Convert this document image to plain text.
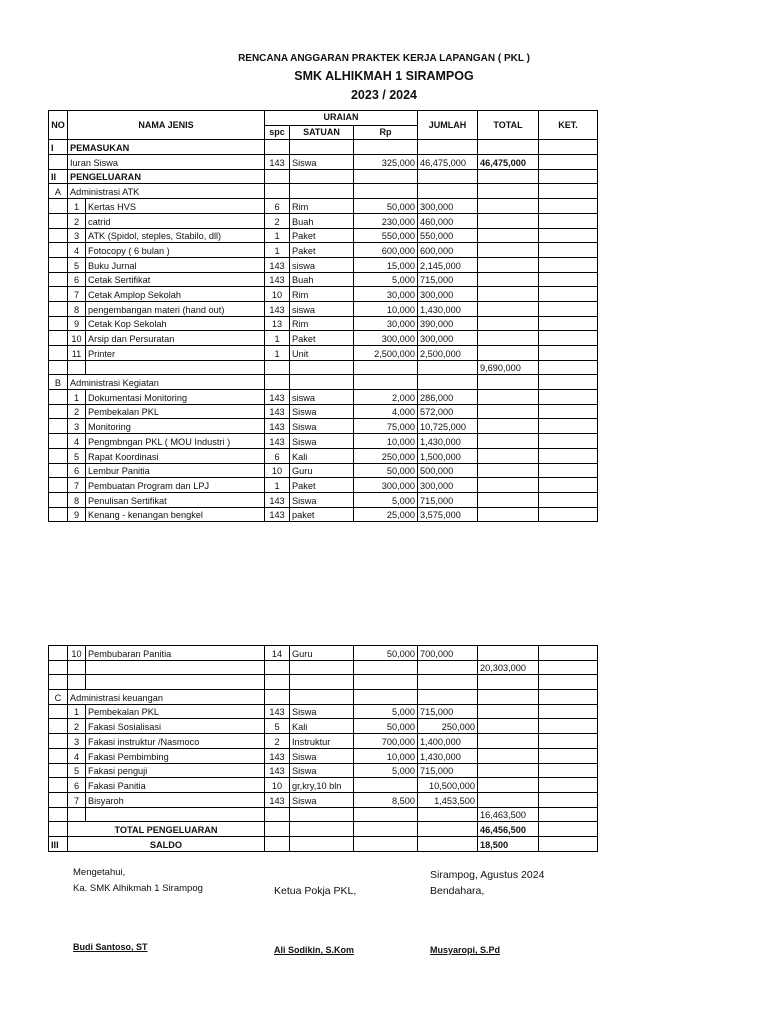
RENCANA ANGGARAN PRAKTEK KERJA LAPANGAN ( PKL )
SMK ALHIKMAH 1 SIRAMPOG
2023 / 2024
NO	NAMA JENIS		URAIAN			JUMLAH	TOTAL	KET.
			spc	SATUAN	Rp			
I	PEMASUKAN							
	Iuran Siswa		143	Siswa	325,000	46,475,000	46,475,000	
II	PENGELUARAN							
A	Administrasi ATK							
	1	Kertas HVS	6	Rim	50,000	300,000		
	2	catrid	2	Buah	230,000	460,000		
	3	ATK (Spidol, steples, Stabilo, dll)	1	Paket	550,000	550,000		
	4	Fotocopy ( 6 bulan )	1	Paket	600,000	600,000		
	5	Buku Jurnal	143	siswa	15,000	2,145,000		
	6	Cetak Sertifikat	143	Buah	5,000	715,000		
	7	Cetak Amplop Sekolah	10	Rim	30,000	300,000		
	8	pengembangan materi (hand out)	143	siswa	10,000	1,430,000		
	9	Cetak Kop Sekolah	13	Rim	30,000	390,000		
	10	Arsip dan Persuratan	1	Paket	300,000	300,000		
	11	Printer	1	Unit	2,500,000	2,500,000		
							9,690,000	
B	Administrasi Kegiatan							
	1	Dokumentasi Monitoring	143	siswa	2,000	286,000		
	2	Pembekalan PKL	143	Siswa	4,000	572,000		
	3	Monitoring	143	Siswa	75,000	10,725,000		
	4	Pengmbngan PKL ( MOU Industri )	143	Siswa	10,000	1,430,000		
	5	Rapat Koordinasi	6	Kali	250,000	1,500,000		
	6	Lembur Panitia	10	Guru	50,000	500,000		
	7	Pembuatan Program dan LPJ	1	Paket	300,000	300,000		
	8	Penulisan Sertifikat	143	Siswa	5,000	715,000		
	9	Kenang - kenangan bengkel	143	paket	25,000	3,575,000		
	10	Pembubaran Panitia	14	Guru	50,000	700,000		
							20,303,000	

C	Administrasi keuangan							
	1	Pembekalan PKL	143	Siswa	5,000	715,000		
	2	Fakasi Sosialisasi	5	Kali	50,000	250,000		
	3	Fakasi instruktur /Nasmoco	2	Instruktur	700,000	1,400,000		
	4	Fakasi Pembimbing	143	Siswa	10,000	1,430,000		
	5	Fakasi penguji	143	Siswa	5,000	715,000		
	6	Fakasi Panitia	10	gr,kry,10 bln		10,500,000		
	7	Bisyaroh	143	Siswa	8,500	1,453,500		
							16,463,500	
	TOTAL PENGELUARAN						46,456,500	
III	SALDO						18,500	
Mengetahui,
Ka. SMK Alhikmah 1 Sirampog	Ketua Pokja PKL,
Sirampog, Agustus 2024
Bendahara,
Budi Santoso, ST	Ali Sodikin, S.Kom	Musyaropi, S.Pd
